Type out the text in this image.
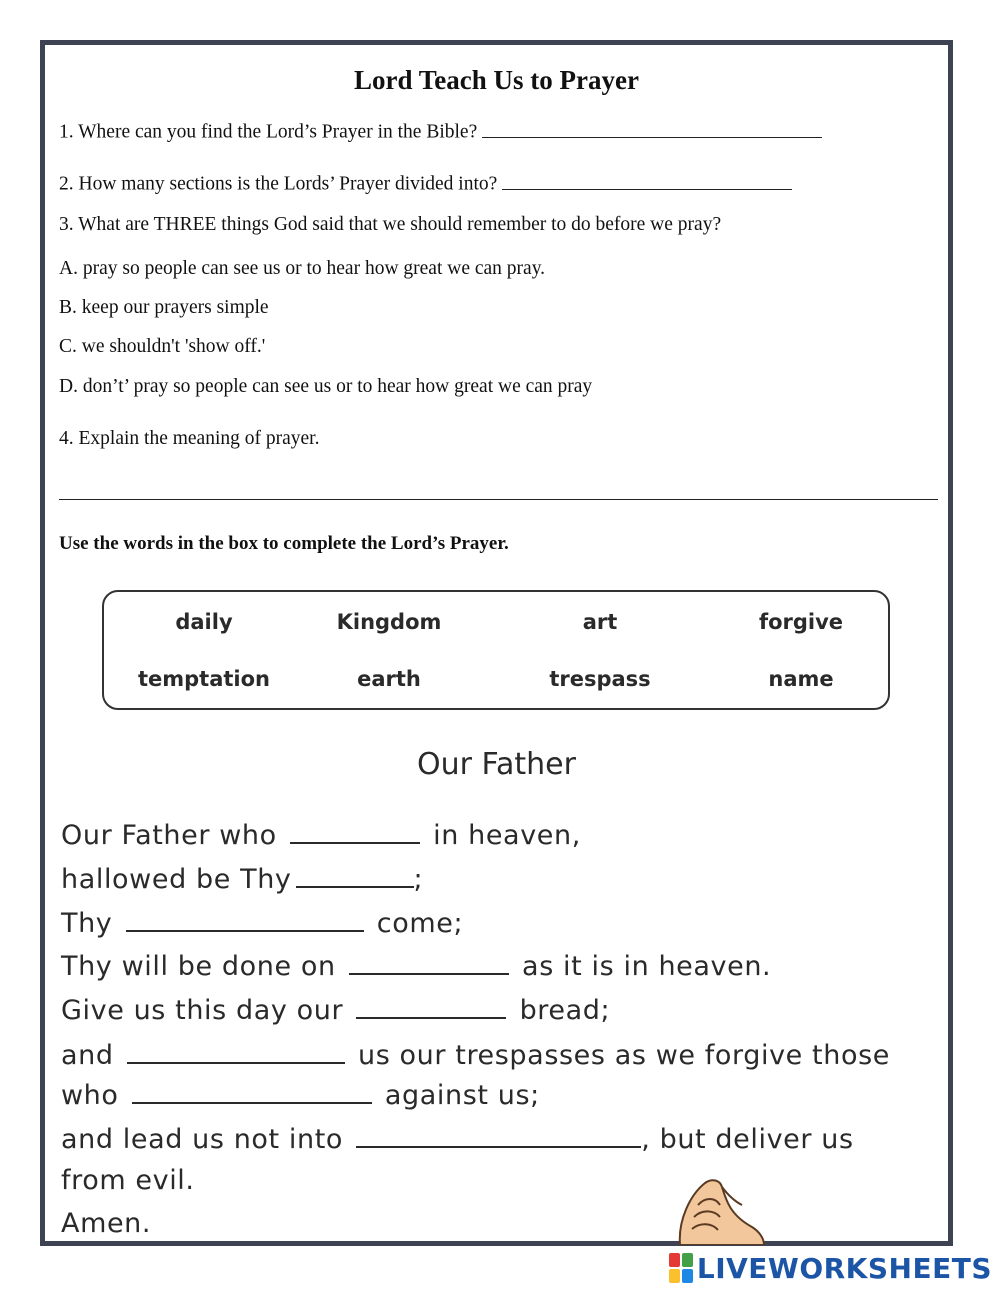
Lord Teach Us to Prayer
1. Where can you find the Lord’s Prayer in the Bible?
2. How many sections is the Lords’ Prayer divided into?
3. What are THREE things God said that we should remember to do before we pray?
A. pray so people can see us or to hear how great we can pray.
B. keep our prayers simple
C. we shouldn't 'show off.'
D. don’t’ pray so people can see us or to hear how great we can pray
4. Explain the meaning of prayer.
Use the words in the box to complete the Lord’s Prayer.
daily	Kingdom	art	forgive
temptation	earth	trespass	name
Our Father
Our Father who	in heaven,
hallowed be Thy	;
Thy	come;
Thy will be done on	as it is in heaven.
Give us this day our	bread;
and	us our trespasses as we forgive those
who	against us;
and lead us not into	, but deliver us
from evil.
Amen.
LIVEWORKSHEETS
